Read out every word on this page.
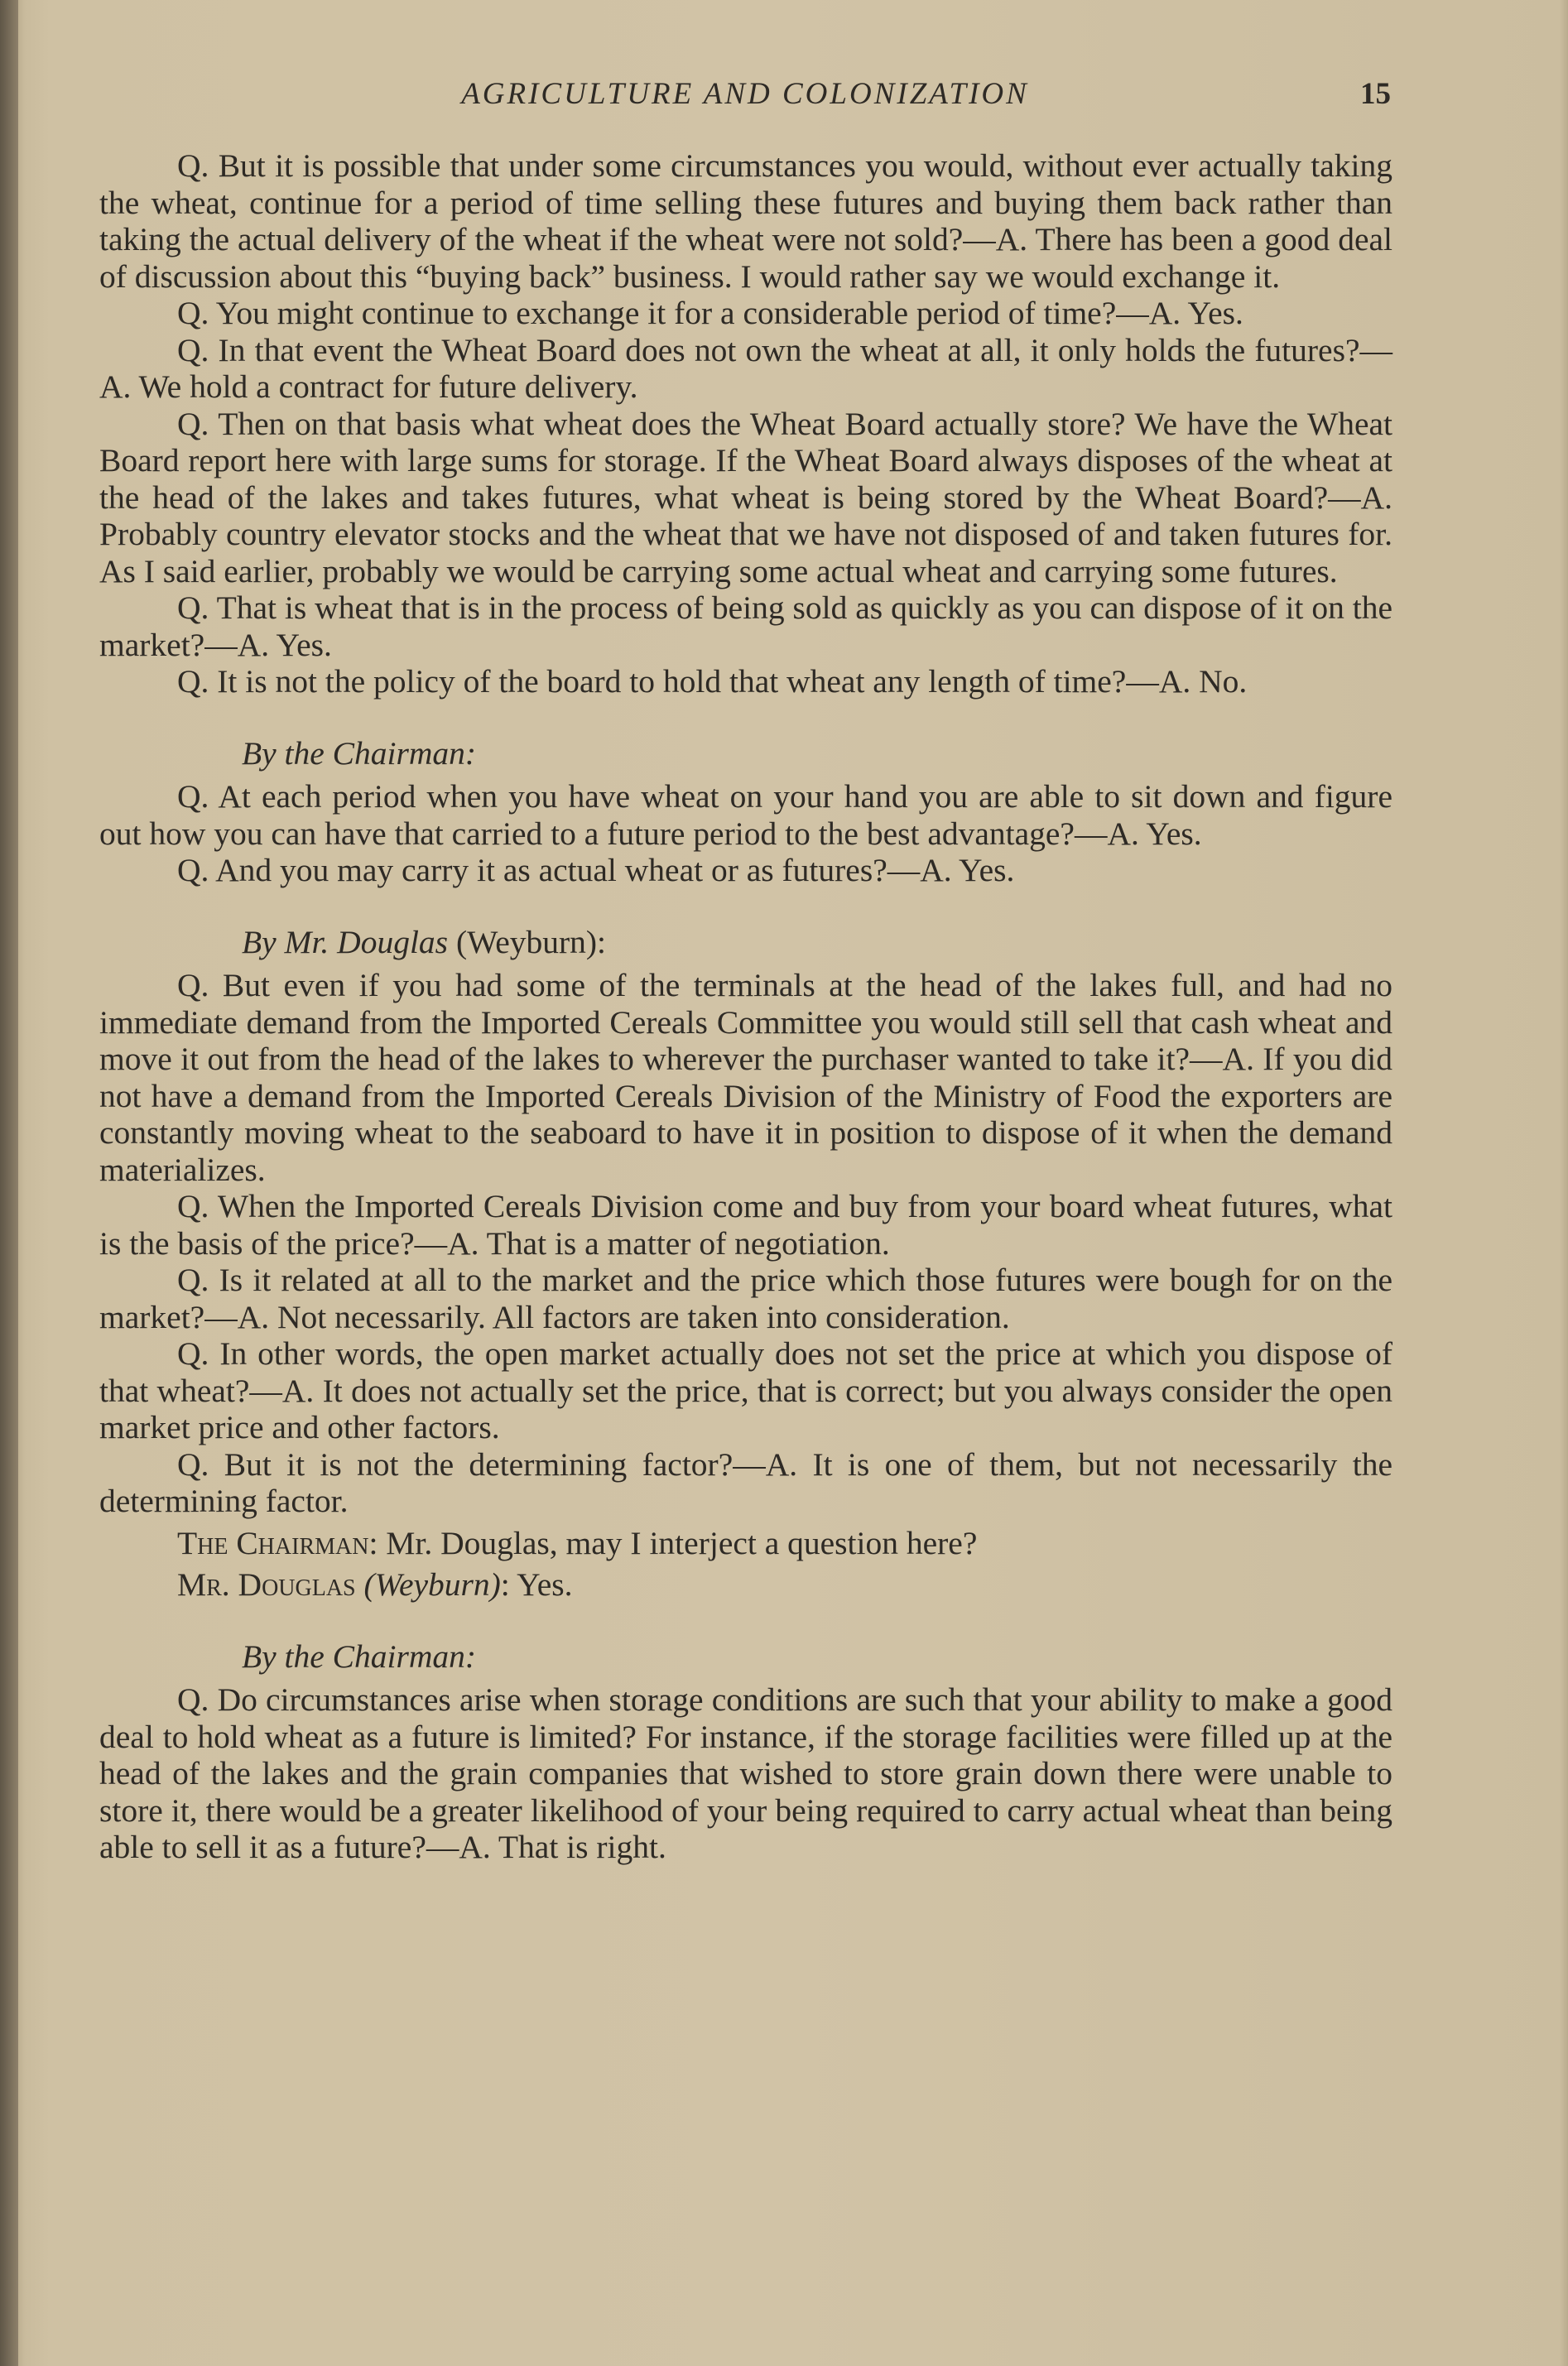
AGRICULTURE AND COLONIZATION	15

Q. But it is possible that under some circumstances you would, without ever actually taking the wheat, continue for a period of time selling these futures and buying them back rather than taking the actual delivery of the wheat if the wheat were not sold?—A. There has been a good deal of discussion about this “buying back” business. I would rather say we would exchange it.

Q. You might continue to exchange it for a considerable period of time?—A. Yes.

Q. In that event the Wheat Board does not own the wheat at all, it only holds the futures?—A. We hold a contract for future delivery.

Q. Then on that basis what wheat does the Wheat Board actually store? We have the Wheat Board report here with large sums for storage. If the Wheat Board always disposes of the wheat at the head of the lakes and takes futures, what wheat is being stored by the Wheat Board?—A. Probably country elevator stocks and the wheat that we have not disposed of and taken futures for. As I said earlier, probably we would be carrying some actual wheat and carrying some futures.

Q. That is wheat that is in the process of being sold as quickly as you can dispose of it on the market?—A. Yes.

Q. It is not the policy of the board to hold that wheat any length of time?—A. No.

By the Chairman:

Q. At each period when you have wheat on your hand you are able to sit down and figure out how you can have that carried to a future period to the best advantage?—A. Yes.

Q. And you may carry it as actual wheat or as futures?—A. Yes.

By Mr. Douglas (Weyburn):

Q. But even if you had some of the terminals at the head of the lakes full, and had no immediate demand from the Imported Cereals Committee you would still sell that cash wheat and move it out from the head of the lakes to wherever the purchaser wanted to take it?—A. If you did not have a demand from the Imported Cereals Division of the Ministry of Food the exporters are constantly moving wheat to the seaboard to have it in position to dispose of it when the demand materializes.

Q. When the Imported Cereals Division come and buy from your board wheat futures, what is the basis of the price?—A. That is a matter of negotiation.

Q. Is it related at all to the market and the price which those futures were bough for on the market?—A. Not necessarily. All factors are taken into consideration.

Q. In other words, the open market actually does not set the price at which you dispose of that wheat?—A. It does not actually set the price, that is correct; but you always consider the open market price and other factors.

Q. But it is not the determining factor?—A. It is one of them, but not necessarily the determining factor.

The Chairman: Mr. Douglas, may I interject a question here?

Mr. Douglas (Weyburn): Yes.

By the Chairman:

Q. Do circumstances arise when storage conditions are such that your ability to make a good deal to hold wheat as a future is limited? For instance, if the storage facilities were filled up at the head of the lakes and the grain companies that wished to store grain down there were unable to store it, there would be a greater likelihood of your being required to carry actual wheat than being able to sell it as a future?—A. That is right.
